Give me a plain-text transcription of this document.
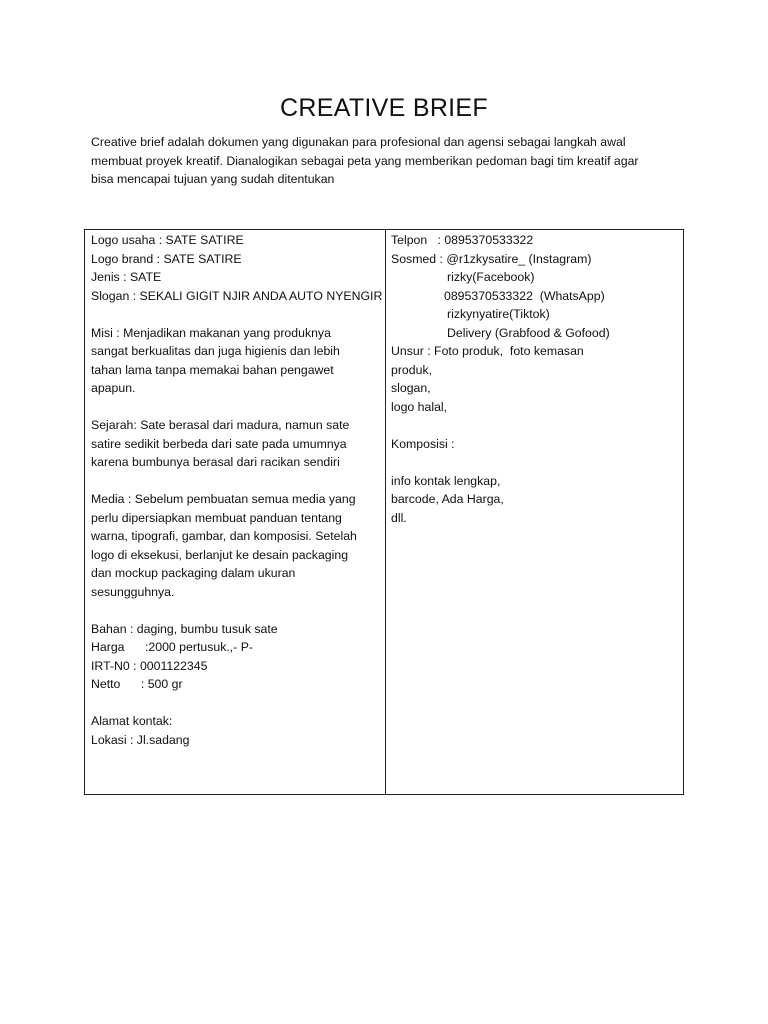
CREATIVE BRIEF

Creative brief adalah dokumen yang digunakan para profesional dan agensi sebagai langkah awal

membuat proyek kreatif. Dianalogikan sebagai peta yang memberikan pedoman bagi tim kreatif agar

bisa mencapai tujuan yang sudah ditentukan

Logo usaha : SATE SATIRE
Logo brand : SATE SATIRE
Jenis : SATE
Slogan : SEKALI GIGIT NJIR ANDA AUTO NYENGIR
Misi : Menjadikan makanan yang produknya
sangat berkualitas dan juga higienis dan lebih
tahan lama tanpa memakai bahan pengawet
apapun.
Sejarah: Sate berasal dari madura, namun sate
satire sedikit berbeda dari sate pada umumnya
karena bumbunya berasal dari racikan sendiri
Media : Sebelum pembuatan semua media yang
perlu dipersiapkan membuat panduan tentang
warna, tipografi, gambar, dan komposisi. Setelah
logo di eksekusi, berlanjut ke desain packaging
dan mockup packaging dalam ukuran
sesungguhnya.
Bahan : daging, bumbu tusuk sate
Harga      :2000 pertusuk.,- P-
IRT-N0 : 0001122345
Netto      : 500 gr
Alamat kontak:
Lokasi : Jl.sadang
Telpon   : 0895370533322
Sosmed : @r1zkysatire_ (Instagram)
rizky(Facebook)
0895370533322  (WhatsApp)
rizkynyatire(Tiktok)
Delivery (Grabfood & Gofood)
Unsur : Foto produk,  foto kemasan
produk,
slogan,
logo halal,
Komposisi :
info kontak lengkap,
barcode, Ada Harga,
dll.
